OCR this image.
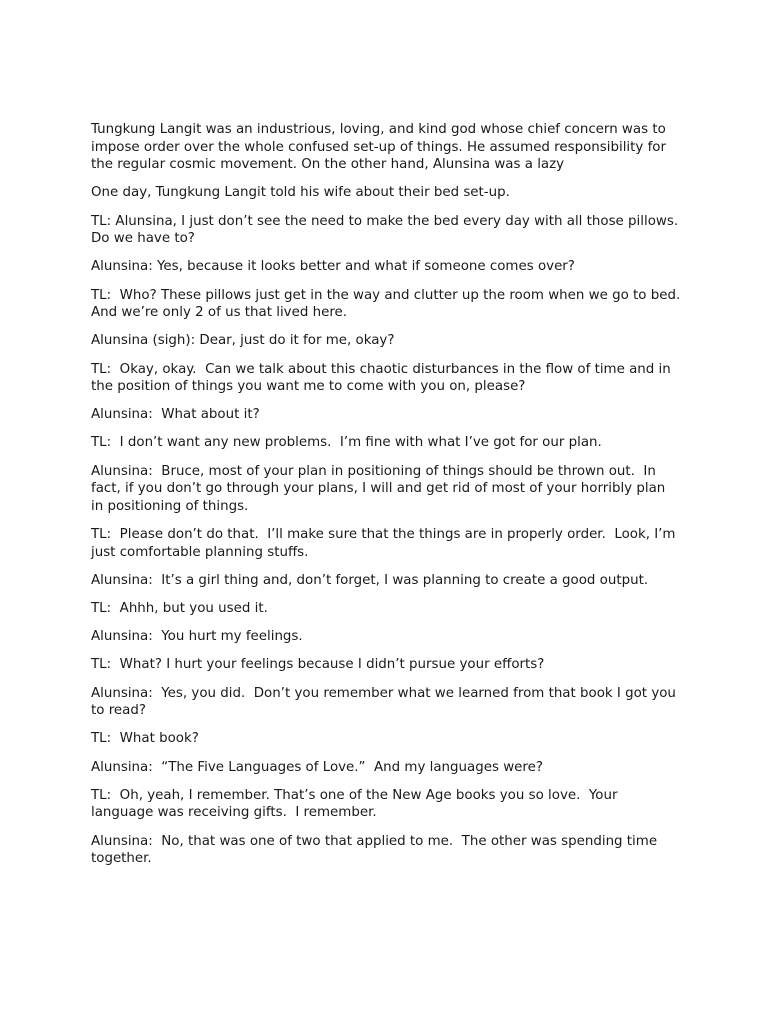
Tungkung Langit was an industrious, loving, and kind god whose chief concern was to impose order over the whole confused set-up of things. He assumed responsibility for the regular cosmic movement. On the other hand, Alunsina was a lazy

One day, Tungkung Langit told his wife about their bed set-up.

TL: Alunsina, I just don’t see the need to make the bed every day with all those pillows.  Do we have to?

Alunsina: Yes, because it looks better and what if someone comes over?

TL:  Who? These pillows just get in the way and clutter up the room when we go to bed. And we’re only 2 of us that lived here.

Alunsina (sigh): Dear, just do it for me, okay?

TL:  Okay, okay.  Can we talk about this chaotic disturbances in the flow of time and in the position of things you want me to come with you on, please?

Alunsina:  What about it?

TL:  I don’t want any new problems.  I’m fine with what I’ve got for our plan.

Alunsina:  Bruce, most of your plan in positioning of things should be thrown out.  In fact, if you don’t go through your plans, I will and get rid of most of your horribly plan in positioning of things.

TL:  Please don’t do that.  I’ll make sure that the things are in properly order.  Look, I’m just comfortable planning stuffs.

Alunsina:  It’s a girl thing and, don’t forget, I was planning to create a good output.

TL:  Ahhh, but you used it.

Alunsina:  You hurt my feelings.

TL:  What? I hurt your feelings because I didn’t pursue your efforts?

Alunsina:  Yes, you did.  Don’t you remember what we learned from that book I got you to read?

TL:  What book?

Alunsina:  “The Five Languages of Love.”  And my languages were?

TL:  Oh, yeah, I remember. That’s one of the New Age books you so love.  Your language was receiving gifts.  I remember.

Alunsina:  No, that was one of two that applied to me.  The other was spending time together.
